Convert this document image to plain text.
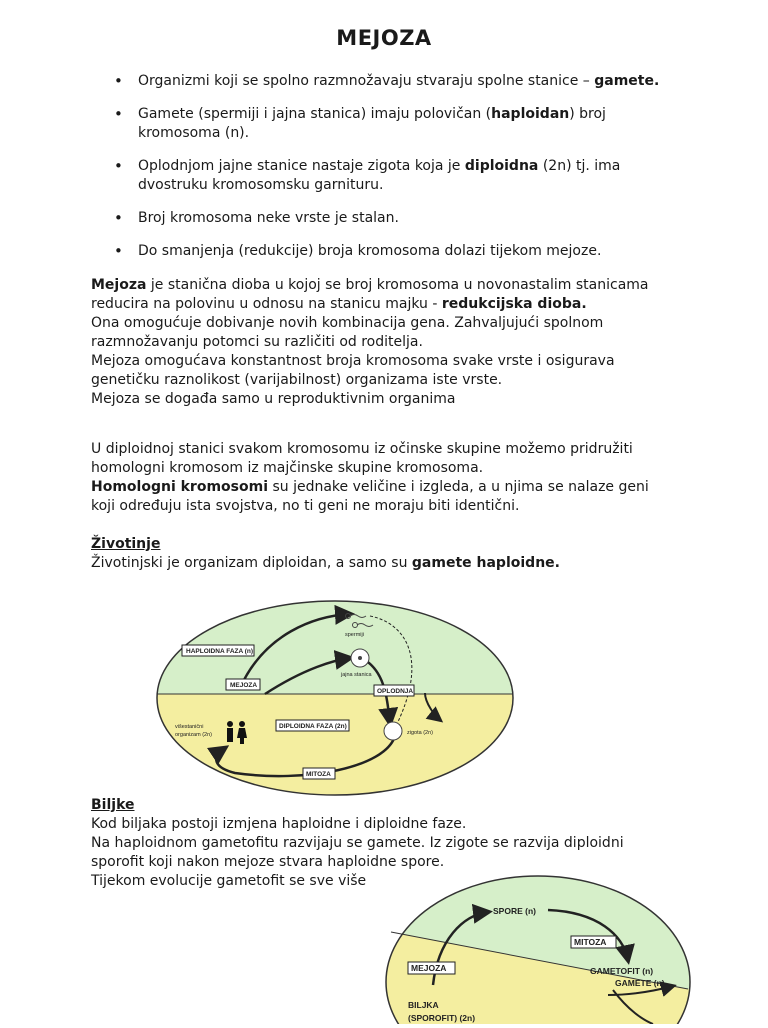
MEJOZA
• Organizmi koji se spolno razmnožavaju stvaraju spolne stanice – gamete.
• Gamete (spermiji i jajna stanica) imaju polovičan (haploidan) broj kromosoma (n).
• Oplodnjom jajne stanice nastaje zigota koja je diploidna (2n) tj. ima dvostruku kromosomsku garnituru.
• Broj kromosoma neke vrste je stalan.
• Do smanjenja (redukcije) broja kromosoma dolazi tijekom mejoze.

Mejoza je stanična dioba u kojoj se broj kromosoma u novonastalim stanicama reducira na polovinu u odnosu na stanicu majku - redukcijska dioba.

Ona omogućuje dobivanje novih kombinacija gena. Zahvaljujući spolnom razmnožavanju potomci su različiti od roditelja.

Mejoza omogućava konstantnost broja kromosoma svake vrste i osigurava genetičku raznolikost (varijabilnost) organizama iste vrste.

Mejoza se događa samo u reproduktivnim organima

U diploidnoj stanici svakom kromosomu iz očinske skupine možemo pridružiti homologni kromosom iz majčinske skupine kromosoma.

Homologni kromosomi su jednake veličine i izgleda, a u njima se nalaze geni koji određuju ista svojstva, no ti geni ne moraju biti identični.

Životinje

Životinjski je organizam diploidan, a samo su gamete haploidne.

HAPLOIDNA FAZA (n)
MEJOZA
OPLODNJA
DIPLOIDNA FAZA (2n)
MITOZA
spermiji
jajna stanica
zigota (2n)
višestanični
organizam (2n)
Biljke

Kod biljaka postoji izmjena haploidne i diploidne faze.

Na haploidnom gametofitu razvijaju se gamete. Iz zigote se razvija diploidni sporofit koji nakon mejoze stvara haploidne spore.

Tijekom evolucije gametofit se sve više

SPORE (n)
MITOZA
MEJOZA	GAMETOFIT (n)
GAMETE (n)
BILJKA
(SPOROFIT) (2n)
